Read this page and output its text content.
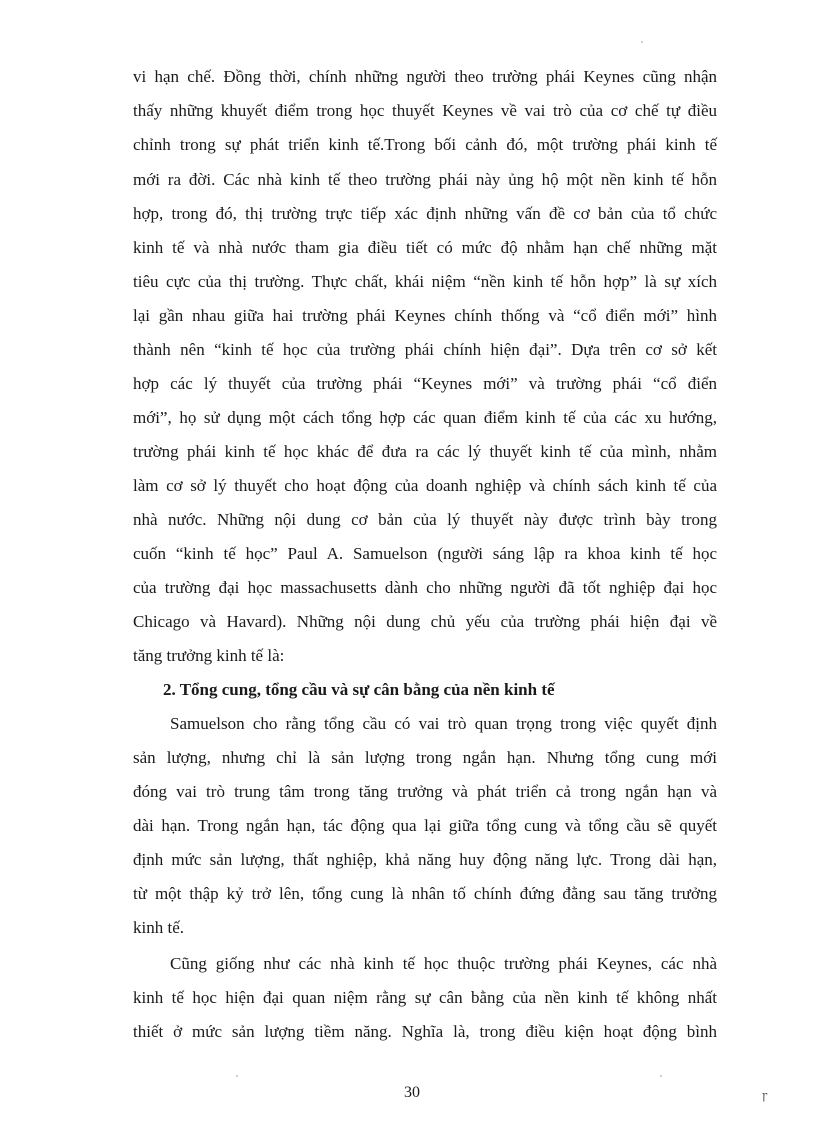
vi hạn chế. Đồng thời, chính những người theo trường phái Keynes cũng nhận
thấy những khuyết điểm trong học thuyết Keynes về vai trò của cơ chế tự điều
chỉnh trong sự phát triển kinh tế.Trong bối cảnh đó, một trường phái kinh tế
mới ra đời. Các nhà kinh tế theo trường phái này ủng hộ một nền kinh tế hỗn
hợp, trong đó, thị trường trực tiếp xác định những vấn đề cơ bản của tổ chức
kinh tế và nhà nước tham gia điều tiết có mức độ nhằm hạn chế những mặt
tiêu cực của thị trường. Thực chất, khái niệm “nền kinh tế hỗn hợp” là sự xích
lại gần nhau giữa hai trường phái Keynes chính thống và “cổ điển mới” hình
thành nên “kinh tế học của trường phái chính hiện đại”. Dựa trên cơ sở kết
hợp các lý thuyết của trường phái “Keynes mới” và trường phái “cổ điển
mới”, họ sử dụng một cách tổng hợp các quan điểm kinh tế của các xu hướng,
trường phái kinh tế học khác để đưa ra các lý thuyết kinh tế của mình, nhằm
làm cơ sở lý thuyết cho hoạt động của doanh nghiệp và chính sách kinh tế của
nhà nước. Những nội dung cơ bản của lý thuyết này được trình bày trong
cuốn “kinh tế học” Paul A. Samuelson (người sáng lập ra khoa kinh tế học
của trường đại học massachusetts dành cho những người đã tốt nghiệp đại học
Chicago và Havard). Những nội dung chủ yếu của trường phái hiện đại về
tăng trưởng kinh tế là:
2. Tổng cung, tổng cầu và sự cân bằng của nền kinh tế
Samuelson cho rằng tổng cầu có vai trò quan trọng trong việc quyết định
sản lượng, nhưng chỉ là sản lượng trong ngắn hạn. Nhưng tổng cung mới
đóng vai trò trung tâm trong tăng trưởng và phát triển cả trong ngắn hạn và
dài hạn. Trong ngắn hạn, tác động qua lại giữa tổng cung và tổng cầu sẽ quyết
định mức sản lượng, thất nghiệp, khả năng huy động năng lực. Trong dài hạn,
từ một thập kỷ trở lên, tổng cung là nhân tố chính đứng đằng sau tăng trưởng
kinh tế.
Cũng giống như các nhà kinh tế học thuộc trường phái Keynes, các nhà
kinh tế học hiện đại quan niệm rằng sự cân bằng của nền kinh tế không nhất
thiết ở mức sản lượng tiềm năng. Nghĩa là, trong điều kiện hoạt động bình
30	ꞅ
